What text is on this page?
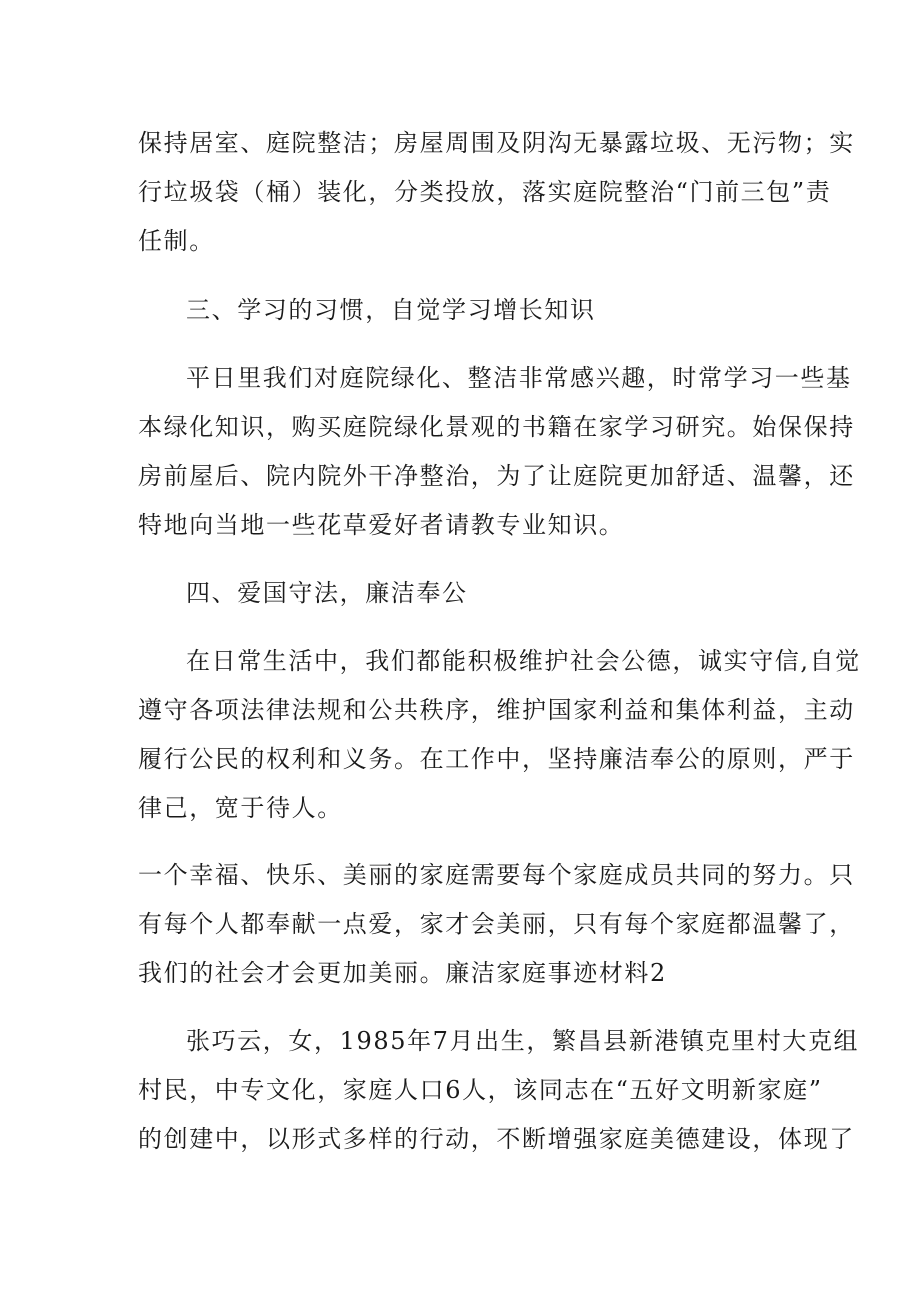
保持居室、庭院整洁；房屋周围及阴沟无暴露垃圾、无污物；实
行垃圾袋（桶）装化，分类投放，落实庭院整治“门前三包”责
任制。
三、学习的习惯，自觉学习增长知识
平日里我们对庭院绿化、整洁非常感兴趣，时常学习一些基
本绿化知识，购买庭院绿化景观的书籍在家学习研究。始保保持
房前屋后、院内院外干净整治，为了让庭院更加舒适、温馨，还
特地向当地一些花草爱好者请教专业知识。
四、爱国守法，廉洁奉公
在日常生活中，我们都能积极维护社会公德，诚实守信,自觉
遵守各项法律法规和公共秩序，维护国家利益和集体利益，主动
履行公民的权利和义务。在工作中，坚持廉洁奉公的原则，严于
律己，宽于待人。
一个幸福、快乐、美丽的家庭需要每个家庭成员共同的努力。只
有每个人都奉献一点爱，家才会美丽，只有每个家庭都温馨了，
我们的社会才会更加美丽。廉洁家庭事迹材料2
张巧云，女，1985年7月出生，繁昌县新港镇克里村大克组
村民，中专文化，家庭人口6人，该同志在“五好文明新家庭”
的创建中，以形式多样的行动，不断增强家庭美德建设，体现了
